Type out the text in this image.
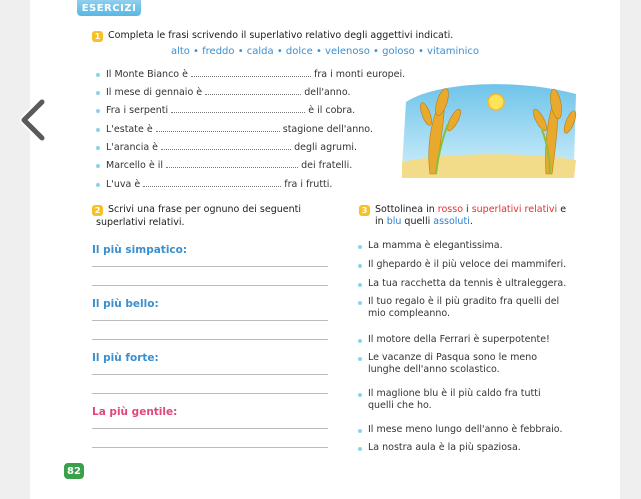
ESERCIZI
1 Completa le frasi scrivendo il superlativo relativo degli aggettivi indicati.
alto • freddo • calda • dolce • velenoso • goloso • vitaminico
Il Monte Bianco è	fra i monti europei.
Il mese di gennaio è	dell'anno.
Fra i serpenti	è il cobra.
L'estate è	stagione dell'anno.
L'arancia è	degli agrumi.
Marcello è il	dei fratelli.
L'uva è	fra i frutti.
2 Scrivi una frase per ognuno dei seguenti
superlativi relativi.
Il più simpatico:
Il più bello:
Il più forte:
La più gentile:
3 Sottolinea in rosso i superlativi relativi e
in blu quelli assoluti.
La mamma è elegantissima.
Il ghepardo è il più veloce dei mammiferi.
La tua racchetta da tennis è ultraleggera.
Il tuo regalo è il più gradito fra quelli del
mio compleanno.
Il motore della Ferrari è superpotente!
Le vacanze di Pasqua sono le meno
lunghe dell'anno scolastico.
Il maglione blu è il più caldo fra tutti
quelli che ho.
Il mese meno lungo dell'anno è febbraio.
La nostra aula è la più spaziosa.
82
